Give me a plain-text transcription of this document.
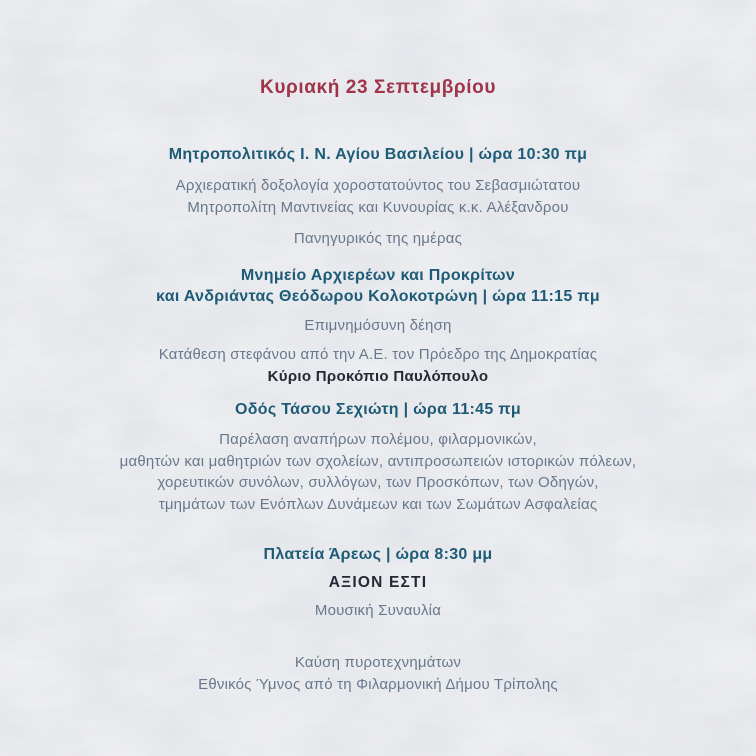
Κυριακή 23 Σεπτεμβρίου
Μητροπολιτικός Ι. Ν. Αγίου Βασιλείου | ώρα 10:30 πμ

Αρχιερατική δοξολογία χοροστατούντος του Σεβασμιώτατου
Μητροπολίτη Μαντινείας και Κυνουρίας κ.κ. Αλέξανδρου

Πανηγυρικός της ημέρας

Μνημείο Αρχιερέων και Προκρίτων
και Ανδριάντας Θεόδωρου Κολοκοτρώνη | ώρα 11:15 πμ

Επιμνημόσυνη δέηση

Κατάθεση στεφάνου από την Α.Ε. τον Πρόεδρο της Δημοκρατίας
Κύριο Προκόπιο Παυλόπουλο

Οδός Τάσου Σεχιώτη | ώρα 11:45 πμ

Παρέλαση αναπήρων πολέμου, φιλαρμονικών,
μαθητών και μαθητριών των σχολείων, αντιπροσωπειών ιστορικών πόλεων,
χορευτικών συνόλων, συλλόγων, των Προσκόπων, των Οδηγών,
τμημάτων των Ενόπλων Δυνάμεων και των Σωμάτων Ασφαλείας

Πλατεία Άρεως | ώρα 8:30 μμ

ΑΞΙΟΝ ΕΣΤΙ

Μουσική Συναυλία

Καύση πυροτεχνημάτων
Εθνικός Ύμνος από τη Φιλαρμονική Δήμου Τρίπολης
